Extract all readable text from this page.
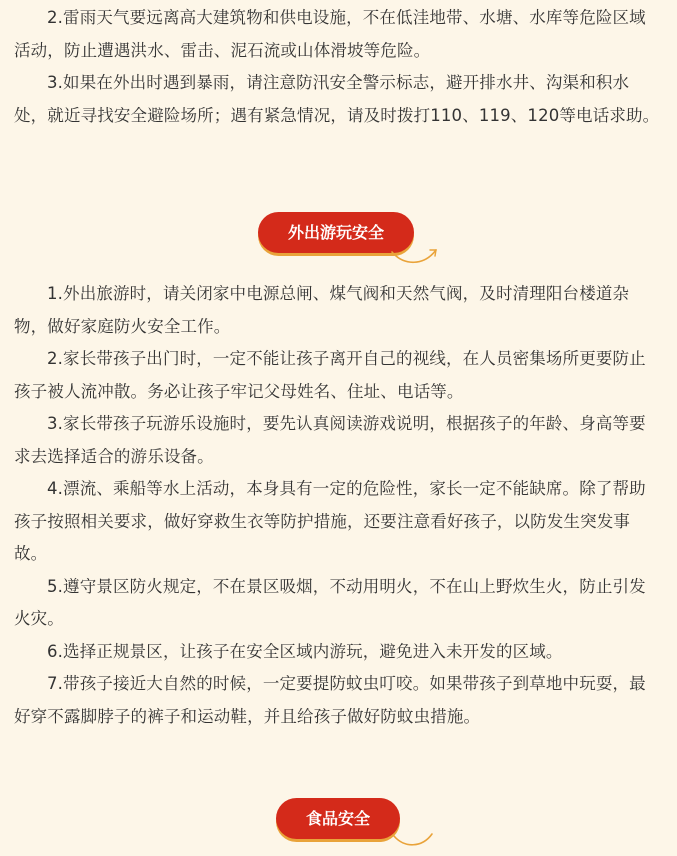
2.雷雨天气要远离高大建筑物和供电设施，不在低洼地带、水塘、水库等危险区域活动，防止遭遇洪水、雷击、泥石流或山体滑坡等危险。

3.如果在外出时遇到暴雨，请注意防汛安全警示标志，避开排水井、沟渠和积水处，就近寻找安全避险场所；遇有紧急情况，请及时拨打110、119、120等电话求助。

外出游玩安全

1.外出旅游时，请关闭家中电源总闸、煤气阀和天然气阀，及时清理阳台楼道杂物，做好家庭防火安全工作。

2.家长带孩子出门时，一定不能让孩子离开自己的视线，在人员密集场所更要防止孩子被人流冲散。务必让孩子牢记父母姓名、住址、电话等。

3.家长带孩子玩游乐设施时，要先认真阅读游戏说明，根据孩子的年龄、身高等要求去选择适合的游乐设备。

4.漂流、乘船等水上活动，本身具有一定的危险性，家长一定不能缺席。除了帮助孩子按照相关要求，做好穿救生衣等防护措施，还要注意看好孩子，以防发生突发事故。

5.遵守景区防火规定，不在景区吸烟，不动用明火，不在山上野炊生火，防止引发火灾。

6.选择正规景区，让孩子在安全区域内游玩，避免进入未开发的区域。

7.带孩子接近大自然的时候，一定要提防蚊虫叮咬。如果带孩子到草地中玩耍，最好穿不露脚脖子的裤子和运动鞋，并且给孩子做好防蚊虫措施。

食品安全
